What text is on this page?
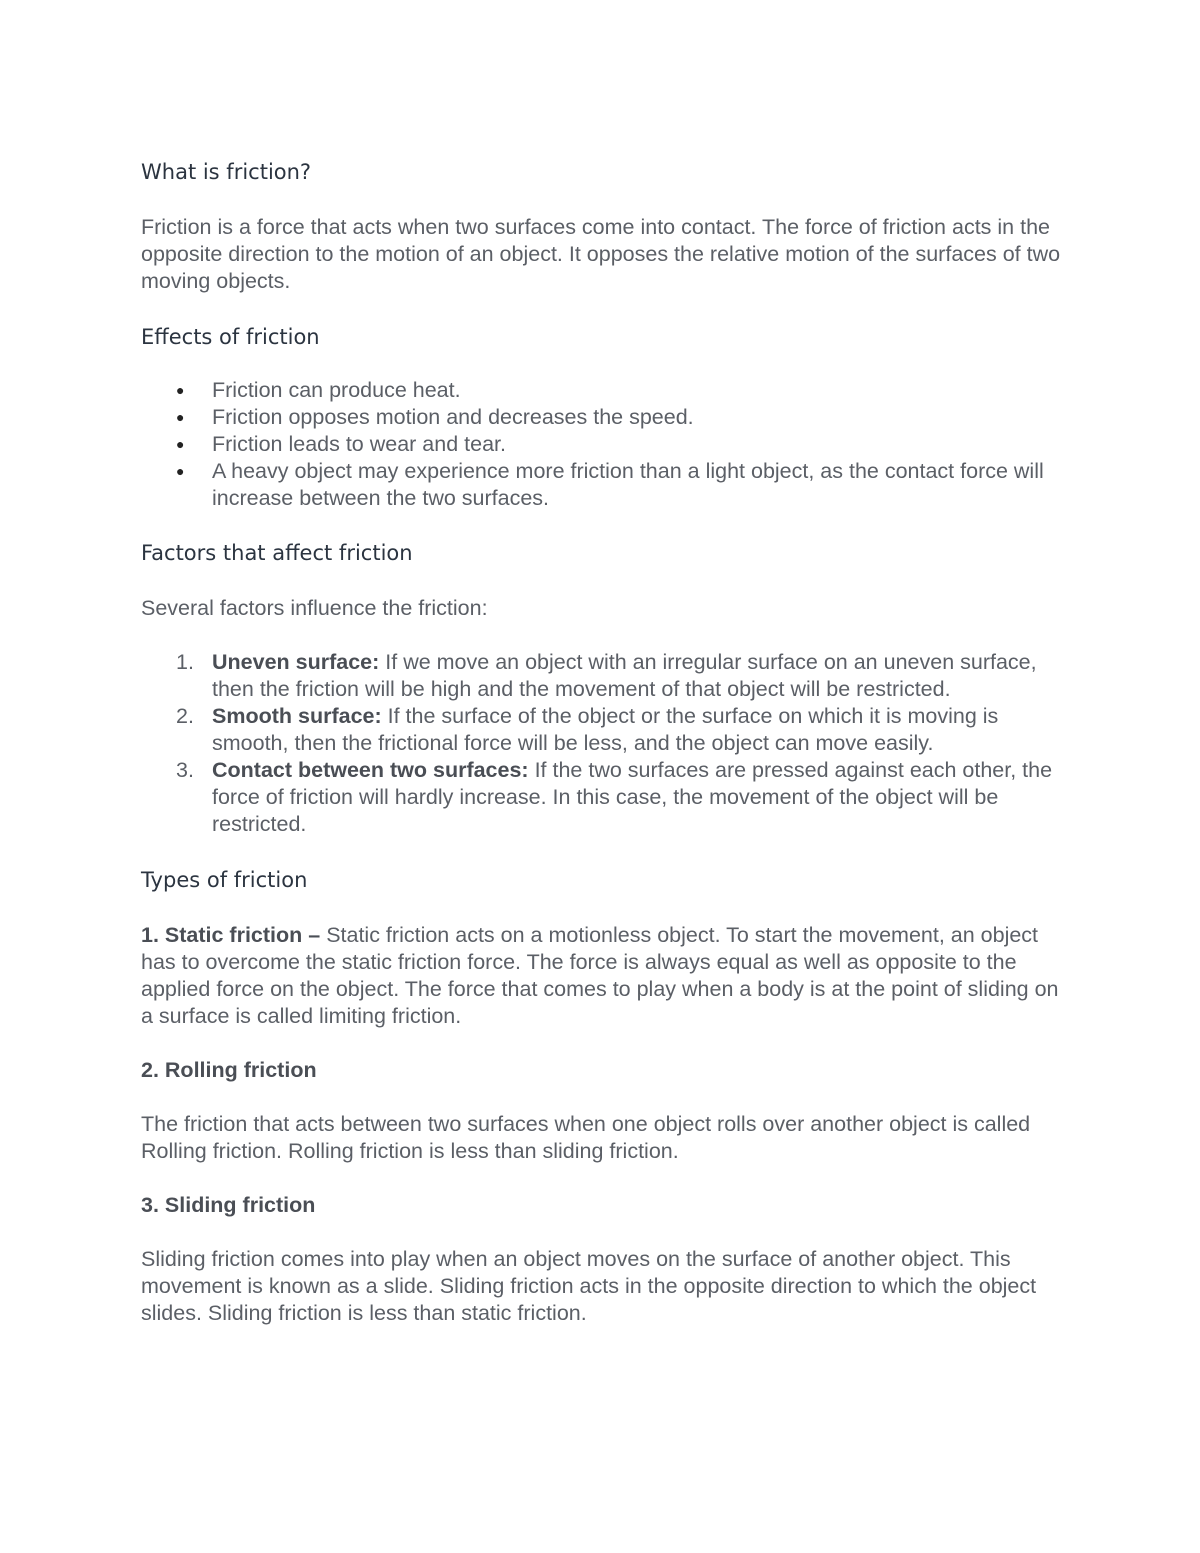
What is friction?

Friction is a force that acts when two surfaces come into contact. The force of friction acts in the opposite direction to the motion of an object. It opposes the relative motion of the surfaces of two moving objects.

Effects of friction
● Friction can produce heat.
● Friction opposes motion and decreases the speed.
● Friction leads to wear and tear.
● A heavy object may experience more friction than a light object, as the contact force will increase between the two surfaces.
Factors that affect friction

Several factors influence the friction:

1. Uneven surface: If we move an object with an irregular surface on an uneven surface, then the friction will be high and the movement of that object will be restricted.
2. Smooth surface: If the surface of the object or the surface on which it is moving is smooth, then the frictional force will be less, and the object can move easily.
3. Contact between two surfaces: If the two surfaces are pressed against each other, the force of friction will hardly increase. In this case, the movement of the object will be restricted.
Types of friction

1. Static friction – Static friction acts on a motionless object. To start the movement, an object has to overcome the static friction force. The force is always equal as well as opposite to the applied force on the object. The force that comes to play when a body is at the point of sliding on a surface is called limiting friction.

2. Rolling friction

The friction that acts between two surfaces when one object rolls over another object is called Rolling friction. Rolling friction is less than sliding friction.

3. Sliding friction

Sliding friction comes into play when an object moves on the surface of another object. This movement is known as a slide. Sliding friction acts in the opposite direction to which the object slides. Sliding friction is less than static friction.
